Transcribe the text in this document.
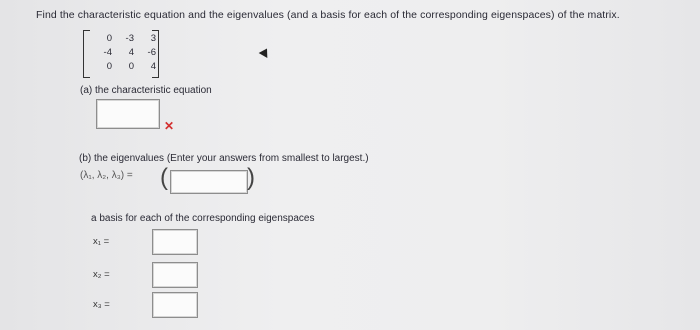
Find the characteristic equation and the eigenvalues (and a basis for each of the corresponding eigenspaces) of the matrix.
0	-3	3
-4	4	-6
0	0	4
(a) the characteristic equation
✕
(b) the eigenvalues (Enter your answers from smallest to largest.)
(λ₁, λ₂, λ₃) = (	)
a basis for each of the corresponding eigenspaces
x₁ =
x₂ =
x₃ =
